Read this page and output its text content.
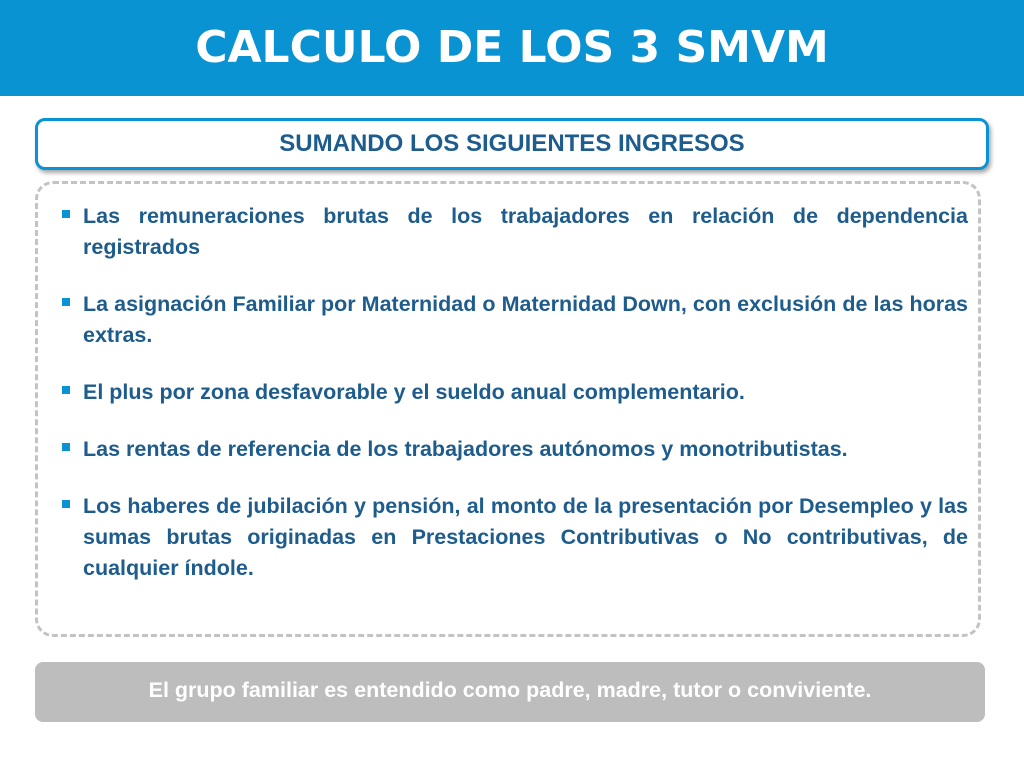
CALCULO DE LOS 3 SMVM
SUMANDO LOS SIGUIENTES INGRESOS
Las remuneraciones brutas de los trabajadores en relación de dependencia registrados
La asignación Familiar por Maternidad o Maternidad Down, con exclusión de las horas extras.
El plus por zona desfavorable y el sueldo anual complementario.
Las rentas de referencia de los trabajadores autónomos y monotributistas.
Los haberes de jubilación y pensión, al monto de la presentación por Desempleo y las sumas brutas originadas en Prestaciones Contributivas o No contributivas, de cualquier índole.
El grupo familiar es entendido como padre, madre, tutor o conviviente.
